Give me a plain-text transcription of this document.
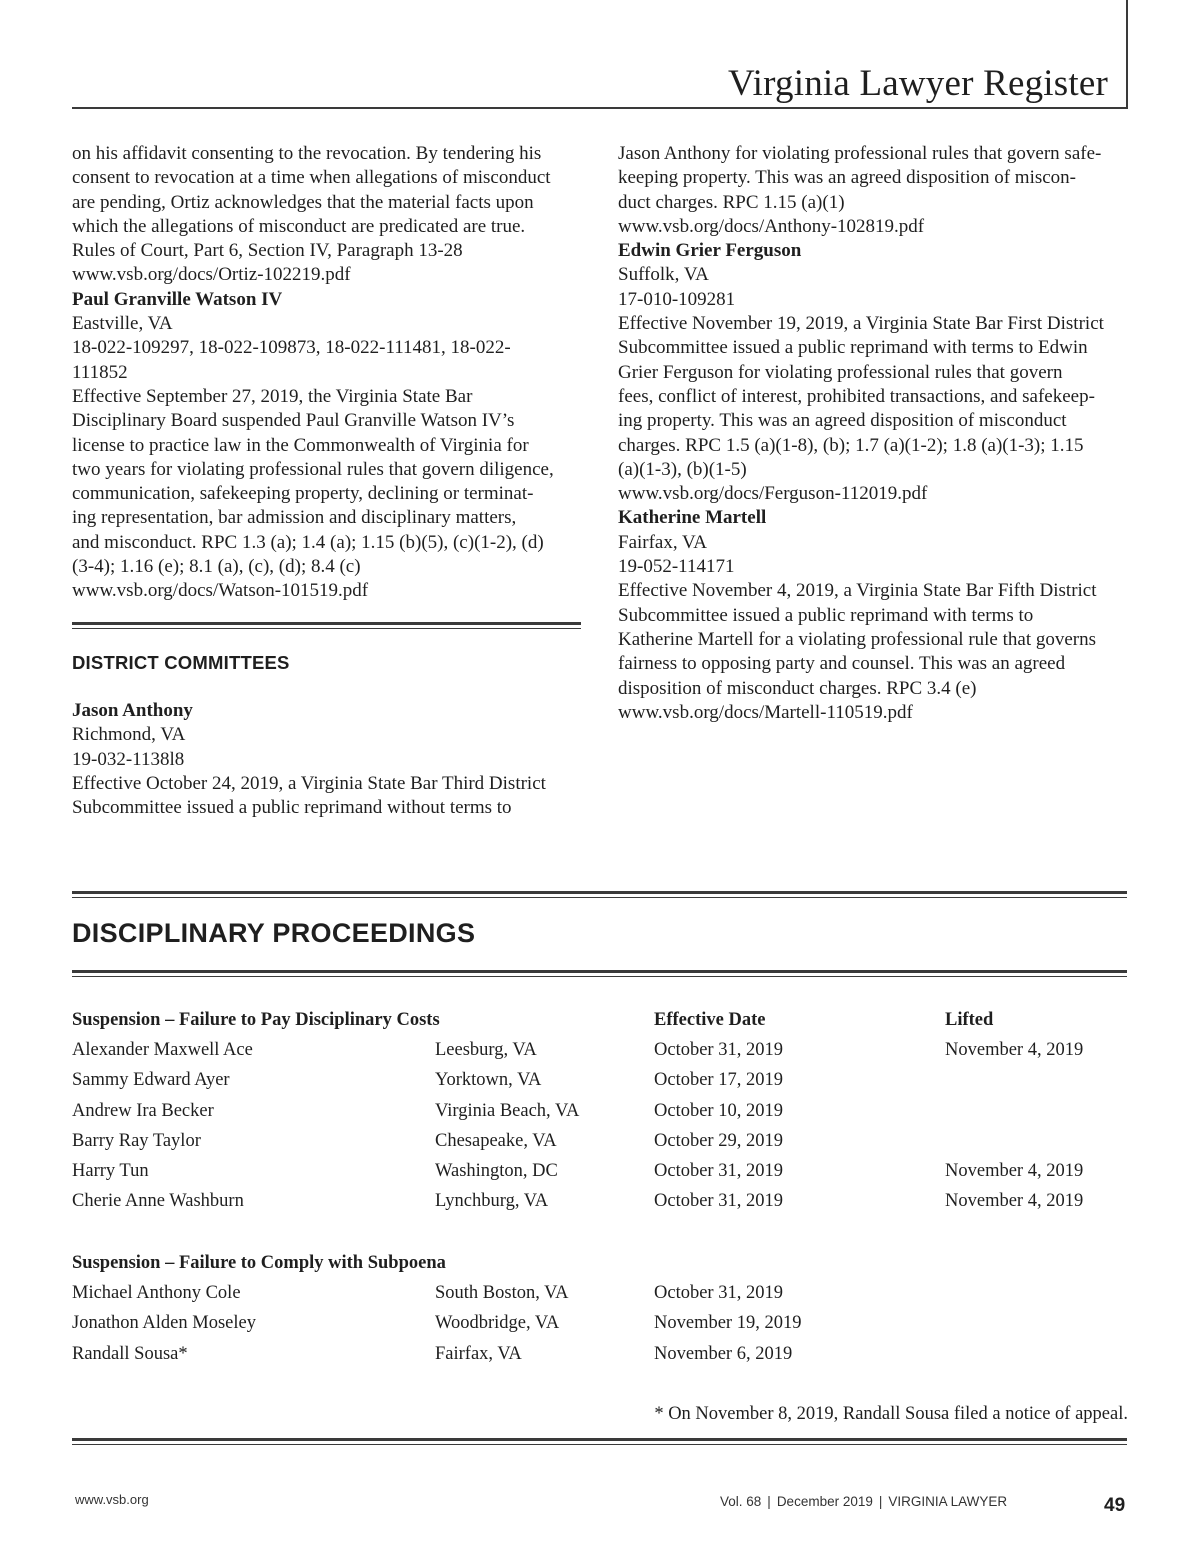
Virginia Lawyer Register

on his affidavit consenting to the revocation. By tendering his
consent to revocation at a time when allegations of misconduct
are pending, Ortiz acknowledges that the material facts upon
which the allegations of misconduct are predicated are true.
Rules of Court, Part 6, Section IV, Paragraph 13-28
www.vsb.org/docs/Ortiz-102219.pdf

Paul Granville Watson IV
Eastville, VA
18-022-109297, 18-022-109873, 18-022-111481, 18-022-
111852
Effective September 27, 2019, the Virginia State Bar
Disciplinary Board suspended Paul Granville Watson IV’s
license to practice law in the Commonwealth of Virginia for
two years for violating professional rules that govern diligence,
communication, safekeeping property, declining or terminat-
ing representation, bar admission and disciplinary matters,
and misconduct. RPC 1.3 (a); 1.4 (a); 1.15 (b)(5), (c)(1-2), (d)
(3-4); 1.16 (e); 8.1 (a), (c), (d); 8.4 (c)
www.vsb.org/docs/Watson-101519.pdf

DISTRICT COMMITTEES

Jason Anthony
Richmond, VA
19-032-1138l8
Effective October 24, 2019, a Virginia State Bar Third District
Subcommittee issued a public reprimand without terms to

Jason Anthony for violating professional rules that govern safe-
keeping property. This was an agreed disposition of miscon-
duct charges. RPC 1.15 (a)(1)
www.vsb.org/docs/Anthony-102819.pdf

Edwin Grier Ferguson
Suffolk, VA
17-010-109281
Effective November 19, 2019, a Virginia State Bar First District
Subcommittee issued a public reprimand with terms to Edwin
Grier Ferguson for violating professional rules that govern
fees, conflict of interest, prohibited transactions, and safekeep-
ing property. This was an agreed disposition of misconduct
charges. RPC 1.5 (a)(1-8), (b); 1.7 (a)(1-2); 1.8 (a)(1-3); 1.15
(a)(1-3), (b)(1-5)
www.vsb.org/docs/Ferguson-112019.pdf

Katherine Martell
Fairfax, VA
19-052-114171
Effective November 4, 2019, a Virginia State Bar Fifth District
Subcommittee issued a public reprimand with terms to
Katherine Martell for a violating professional rule that governs
fairness to opposing party and counsel. This was an agreed
disposition of misconduct charges. RPC 3.4 (e)
www.vsb.org/docs/Martell-110519.pdf

DISCIPLINARY PROCEEDINGS
Suspension – Failure to Pay Disciplinary Costs	Effective Date	Lifted
Alexander Maxwell Ace	Leesburg, VA	October 31, 2019	November 4, 2019
Sammy Edward Ayer	Yorktown, VA	October 17, 2019
Andrew Ira Becker	Virginia Beach, VA	October 10, 2019
Barry Ray Taylor	Chesapeake, VA	October 29, 2019
Harry Tun	Washington, DC	October 31, 2019	November 4, 2019
Cherie Anne Washburn	Lynchburg, VA	October 31, 2019	November 4, 2019
Suspension – Failure to Comply with Subpoena
Michael Anthony Cole	South Boston, VA	October 31, 2019
Jonathon Alden Moseley	Woodbridge, VA	November 19, 2019
Randall Sousa*	Fairfax, VA	November 6, 2019
* On November 8, 2019, Randall Sousa filed a notice of appeal.
www.vsb.org	Vol. 68 | December 2019 | VIRGINIA LAWYER	49
